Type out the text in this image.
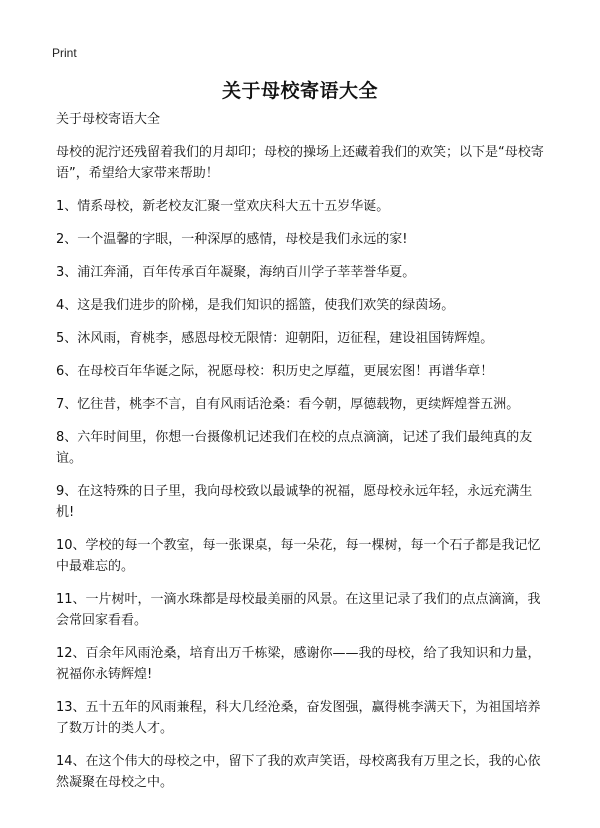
Print
关于母校寄语大全
关于母校寄语大全

母校的泥泞还残留着我们的月却印；母校的操场上还藏着我们的欢笑；以下是“母校寄语”，希望给大家带来帮助！

1、情系母校，新老校友汇聚一堂欢庆科大五十五岁华诞。

2、一个温馨的字眼，一种深厚的感情，母校是我们永远的家!

3、浦江奔涌，百年传承百年凝聚，海纳百川学子莘莘誉华夏。

4、这是我们进步的阶梯，是我们知识的摇篮，使我们欢笑的绿茵场。

5、沐风雨，育桃李，感恩母校无限情：迎朝阳，迈征程，建设祖国铸辉煌。

6、在母校百年华诞之际，祝愿母校：积历史之厚蕴，更展宏图！再谱华章！

7、忆往昔，桃李不言，自有风雨话沧桑：看今朝，厚德载物，更续辉煌誉五洲。

8、六年时间里，你想一台摄像机记述我们在校的点点滴滴，记述了我们最纯真的友谊。

9、在这特殊的日子里，我向母校致以最诚挚的祝福，愿母校永远年轻，永远充满生机!

10、学校的每一个教室，每一张课桌，每一朵花，每一棵树，每一个石子都是我记忆中最难忘的。

11、一片树叶，一滴水珠都是母校最美丽的风景。在这里记录了我们的点点滴滴，我会常回家看看。

12、百余年风雨沧桑，培育出万千栋梁，感谢你——我的母校，给了我知识和力量，祝福你永铸辉煌!

13、五十五年的风雨兼程，科大几经沧桑，奋发图强，赢得桃李满天下，为祖国培养了数万计的类人才。

14、在这个伟大的母校之中，留下了我的欢声笑语，母校离我有万里之长，我的心依然凝聚在母校之中。
